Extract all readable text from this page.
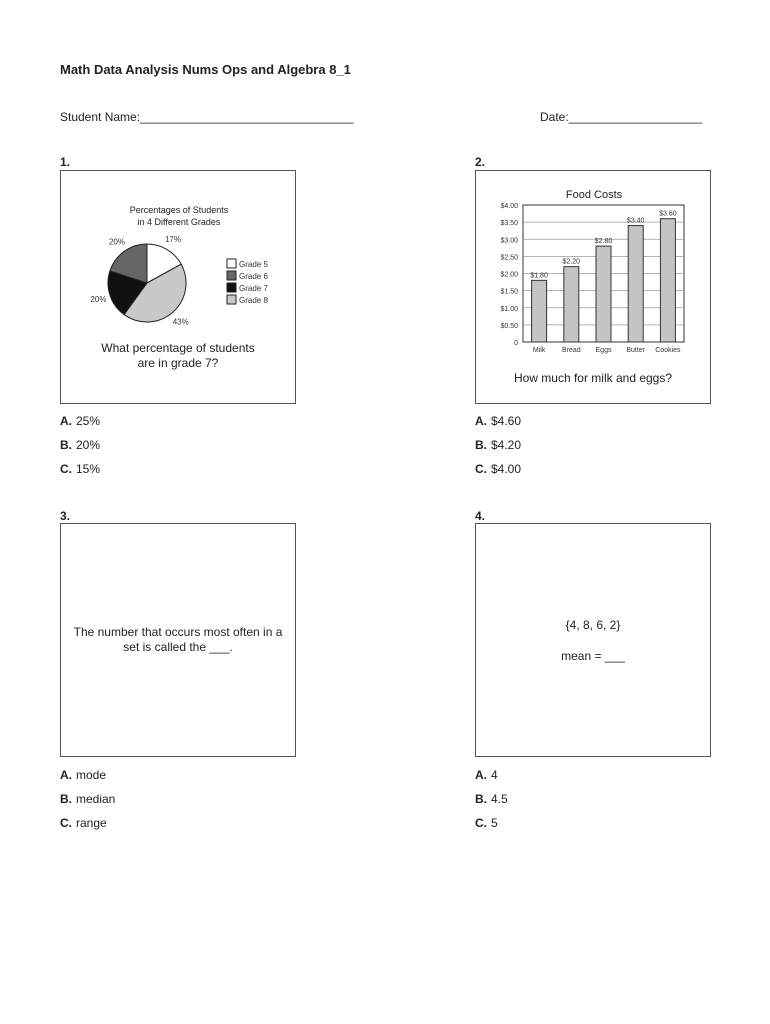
Math Data Analysis Nums Ops and Algebra 8_1
Student Name:________________________________	Date:____________________
1.
Percentages of Students
in 4 Different Grades
17%
43%
20%
20%
Grade 5
Grade 6
Grade 7
Grade 8
What percentage of students
are in grade 7?
A. 25%
B. 20%
C. 15%
2.
Food Costs
$1.80
$2.20
$2.80
$3.40
$3.60
0
$0.50
$1.00
$1.50
$2.00
$2.50
$3.00
$3.50
$4.00
Milk Bread Eggs Butter Cookies
How much for milk and eggs?
A. $4.60
B. $4.20
C. $4.00
3.
The number that occurs most often in a
set is called the ___.
A. mode
B. median
C. range
4.
{4, 8, 6, 2}
mean = ___
A. 4
B. 4.5
C. 5
